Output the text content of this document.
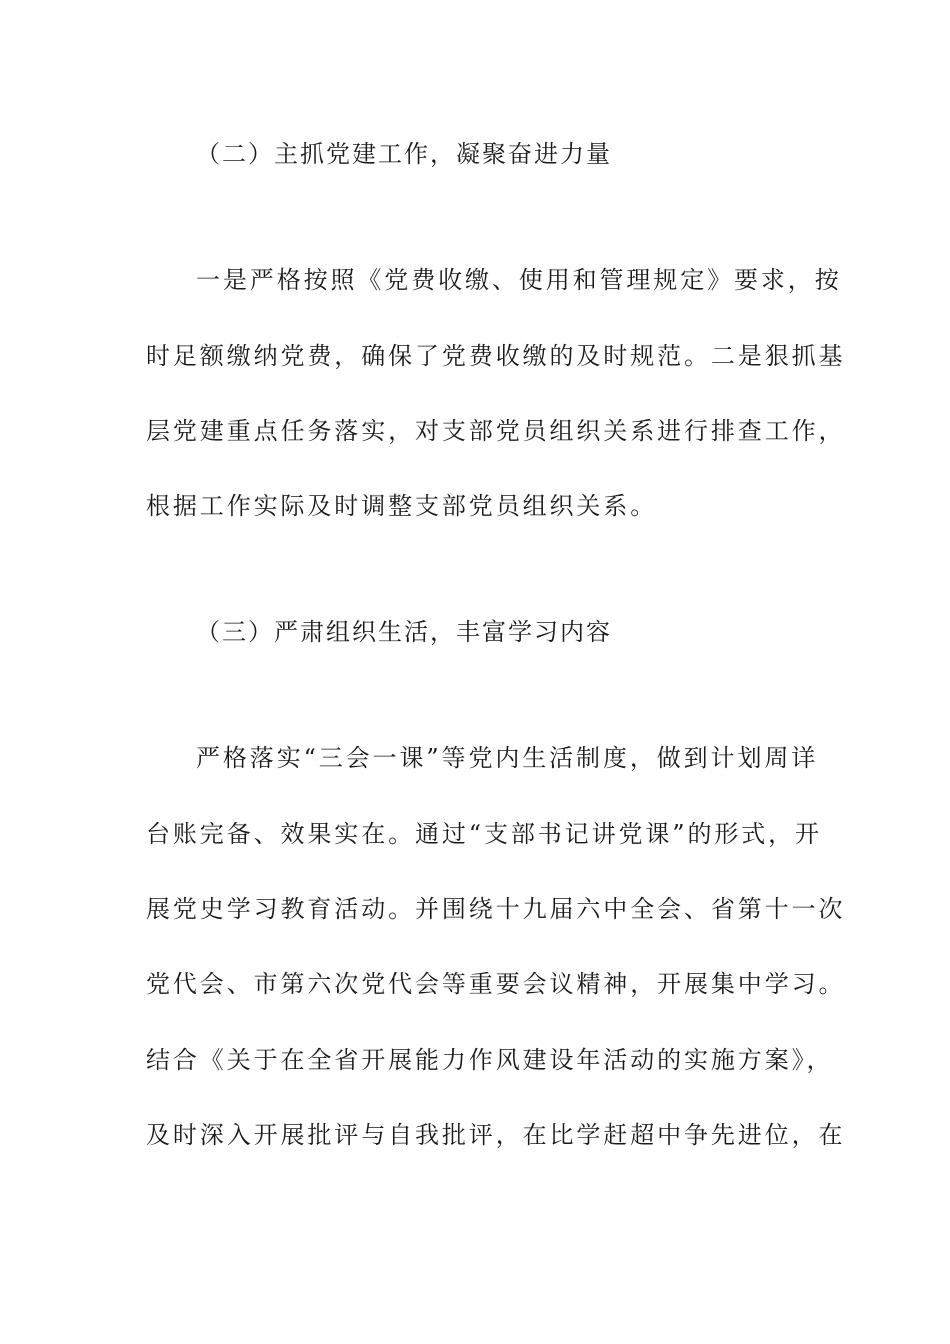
（二）主抓党建工作，凝聚奋进力量
一是严格按照《党费收缴、使用和管理规定》要求，按
时足额缴纳党费，确保了党费收缴的及时规范。二是狠抓基
层党建重点任务落实，对支部党员组织关系进行排查工作，
根据工作实际及时调整支部党员组织关系。
（三）严肃组织生活，丰富学习内容
严格落实“三会一课”等党内生活制度，做到计划周详
台账完备、效果实在。通过“支部书记讲党课”的形式，开
展党史学习教育活动。并围绕十九届六中全会、省第十一次
党代会、市第六次党代会等重要会议精神，开展集中学习。
结合《关于在全省开展能力作风建设年活动的实施方案》，
及时深入开展批评与自我批评，在比学赶超中争先进位，在
